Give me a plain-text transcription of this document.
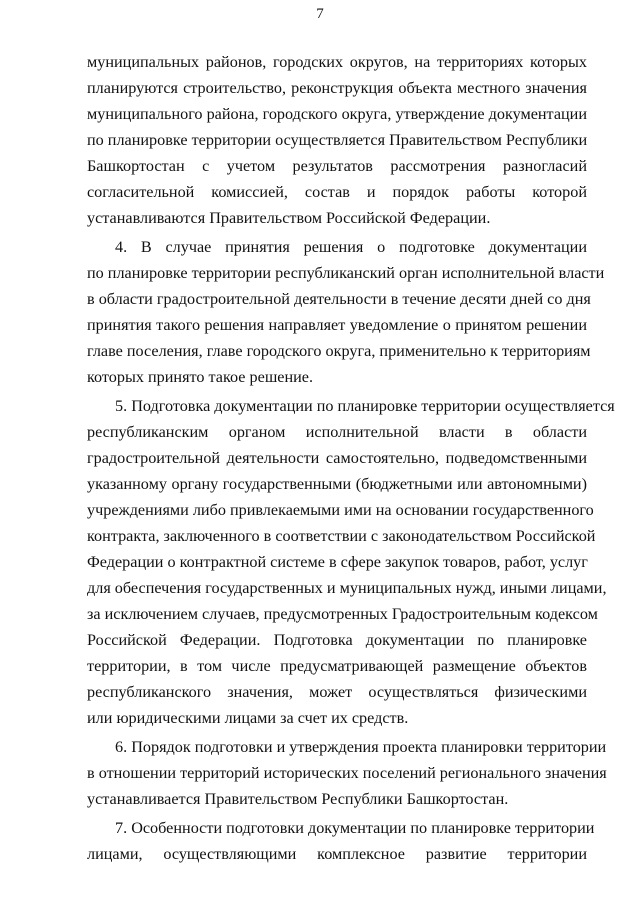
7
муниципальных районов, городских округов, на территориях которых
планируются строительство, реконструкция объекта местного значения
муниципального района, городского округа, утверждение документации
по планировке территории осуществляется Правительством Республики
Башкортостан с учетом результатов рассмотрения разногласий
согласительной комиссией, состав и порядок работы которой
устанавливаются Правительством Российской Федерации.
4. В случае принятия решения о подготовке документации
по планировке территории республиканский орган исполнительной власти
в области градостроительной деятельности в течение десяти дней со дня
принятия такого решения направляет уведомление о принятом решении
главе поселения, главе городского округа, применительно к территориям
которых принято такое решение.
5. Подготовка документации по планировке территории осуществляется
республиканским органом исполнительной власти в области
градостроительной деятельности самостоятельно, подведомственными
указанному органу государственными (бюджетными или автономными)
учреждениями либо привлекаемыми ими на основании государственного
контракта, заключенного в соответствии с законодательством Российской
Федерации о контрактной системе в сфере закупок товаров, работ, услуг
для обеспечения государственных и муниципальных нужд, иными лицами,
за исключением случаев, предусмотренных Градостроительным кодексом
Российской Федерации. Подготовка документации по планировке
территории, в том числе предусматривающей размещение объектов
республиканского значения, может осуществляться физическими
или юридическими лицами за счет их средств.
6. Порядок подготовки и утверждения проекта планировки территории
в отношении территорий исторических поселений регионального значения
устанавливается Правительством Республики Башкортостан.
7. Особенности подготовки документации по планировке территории
лицами, осуществляющими комплексное развитие территории
